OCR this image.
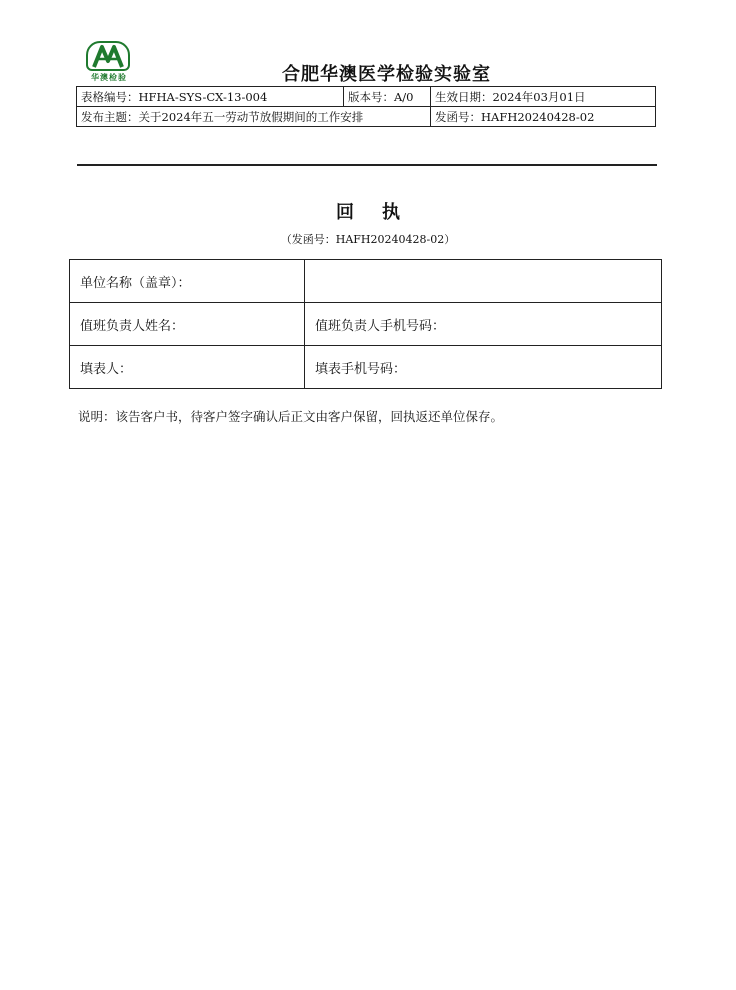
华澳检验	合肥华澳医学检验实验室
表格编号：HFHA-SYS-CX-13-004	版本号：A/0	生效日期：2024年03月01日
发布主题：关于2024年五一劳动节放假期间的工作安排		发函号：HAFH20240428-02
回执
（发函号：HAFH20240428-02）
单位名称（盖章）：	
值班负责人姓名：	值班负责人手机号码：
填表人：	填表手机号码：
说明：该告客户书，待客户签字确认后正文由客户保留，回执返还单位保存。
